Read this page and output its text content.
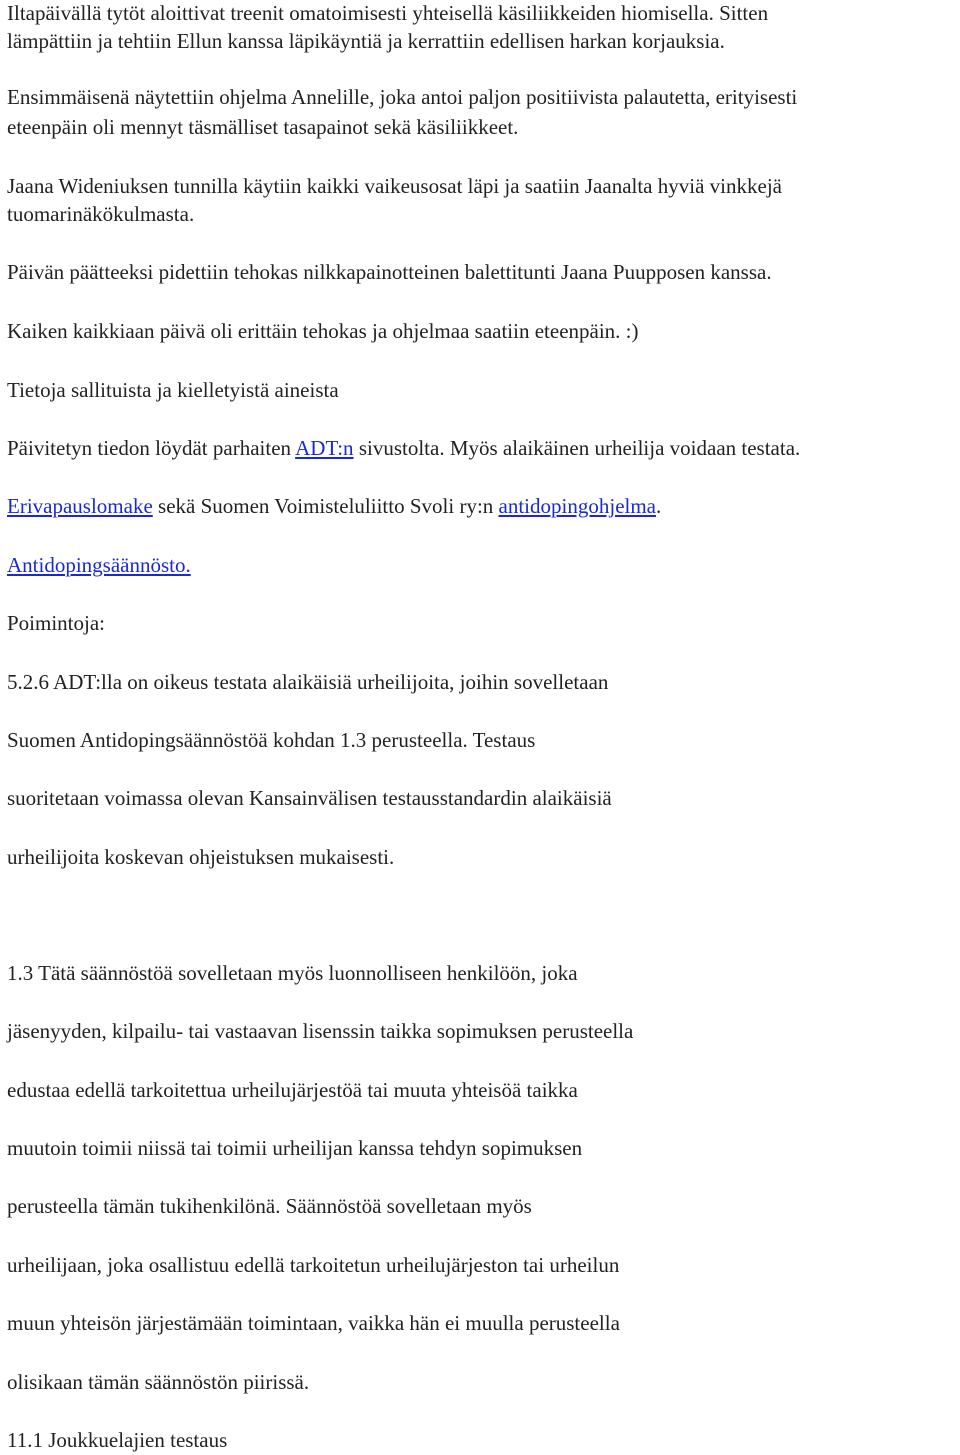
Iltapäivällä tytöt aloittivat treenit omatoimisesti yhteisellä käsiliikkeiden hiomisella. Sitten
lämpättiin ja tehtiin Ellun kanssa läpikäyntiä ja kerrattiin edellisen harkan korjauksia.
Ensimmäisenä näytettiin ohjelma Annelille, joka antoi paljon positiivista palautetta, erityisesti
eteenpäin oli mennyt täsmälliset tasapainot sekä käsiliikkeet.
Jaana Wideniuksen tunnilla käytiin kaikki vaikeusosat läpi ja saatiin Jaanalta hyviä vinkkejä
tuomarinäkökulmasta.
Päivän päätteeksi pidettiin tehokas nilkkapainotteinen balettitunti Jaana Puupposen kanssa.
Kaiken kaikkiaan päivä oli erittäin tehokas ja ohjelmaa saatiin eteenpäin. :)
Tietoja sallituista ja kielletyistä aineista
Päivitetyn tiedon löydät parhaiten ADT:n sivustolta. Myös alaikäinen urheilija voidaan testata.
Erivapauslomake sekä Suomen Voimisteluliitto Svoli ry:n antidopingohjelma.
Antidopingsäännösto.
Poimintoja:
5.2.6 ADT:lla on oikeus testata alaikäisiä urheilijoita, joihin sovelletaan
Suomen Antidopingsäännöstöä kohdan 1.3 perusteella. Testaus
suoritetaan voimassa olevan Kansainvälisen testausstandardin alaikäisiä
urheilijoita koskevan ohjeistuksen mukaisesti.
1.3 Tätä säännöstöä sovelletaan myös luonnolliseen henkilöön, joka
jäsenyyden, kilpailu- tai vastaavan lisenssin taikka sopimuksen perusteella
edustaa edellä tarkoitettua urheilujärjestöä tai muuta yhteisöä taikka
muutoin toimii niissä tai toimii urheilijan kanssa tehdyn sopimuksen
perusteella tämän tukihenkilönä. Säännöstöä sovelletaan myös
urheilijaan, joka osallistuu edellä tarkoitetun urheilujärjeston tai urheilun
muun yhteisön järjestämään toimintaan, vaikka hän ei muulla perusteella
olisikaan tämän säännöstön piirissä.
11.1 Joukkuelajien testaus
